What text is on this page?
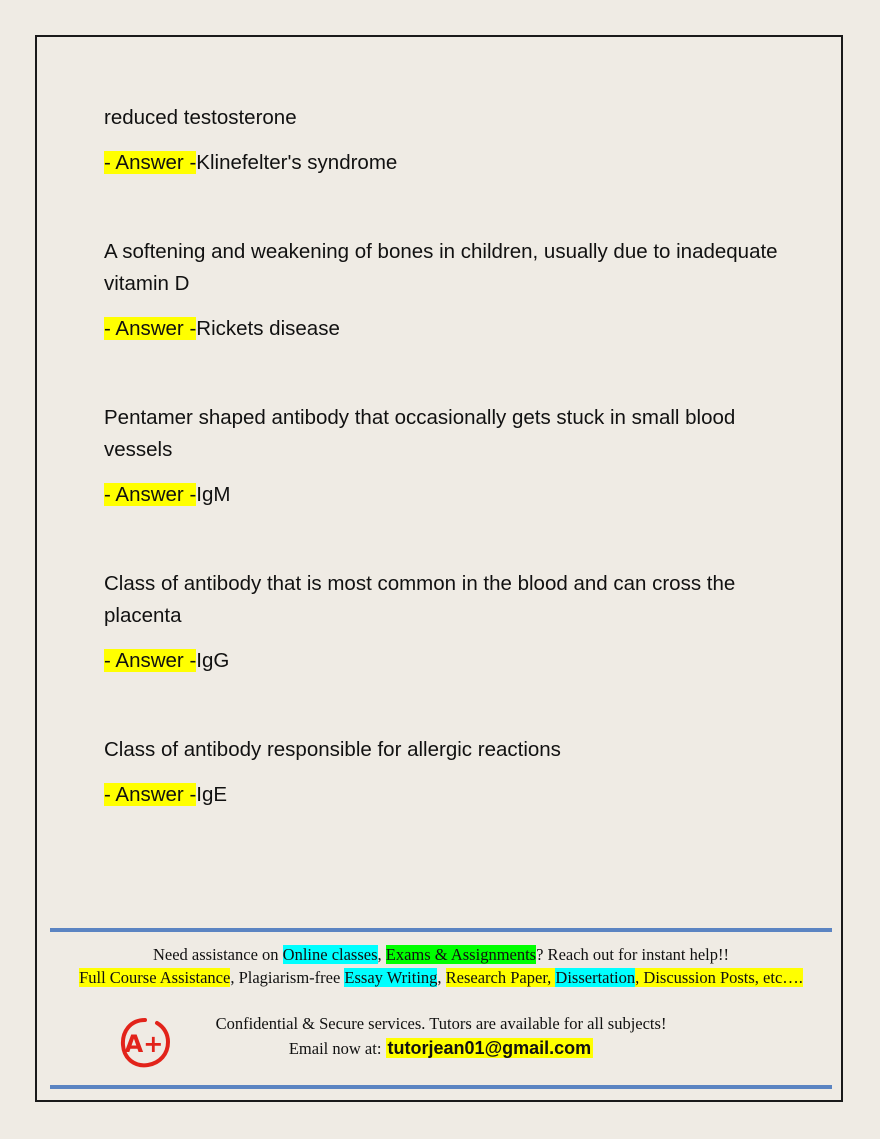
reduced testosterone

- Answer -Klinefelter's syndrome

A softening and weakening of bones in children, usually due to inadequate vitamin D

- Answer -Rickets disease

Pentamer shaped antibody that occasionally gets stuck in small blood vessels

- Answer -IgM

Class of antibody that is most common in the blood and can cross the placenta

- Answer -IgG

Class of antibody responsible for allergic reactions

- Answer -IgE

Need assistance on Online classes, Exams & Assignments? Reach out for instant help!!
Full Course Assistance, Plagiarism-free Essay Writing, Research Paper, Dissertation, Discussion Posts, etc….
A+
Confidential & Secure services. Tutors are available for all subjects!
Email now at: tutorjean01@gmail.com
